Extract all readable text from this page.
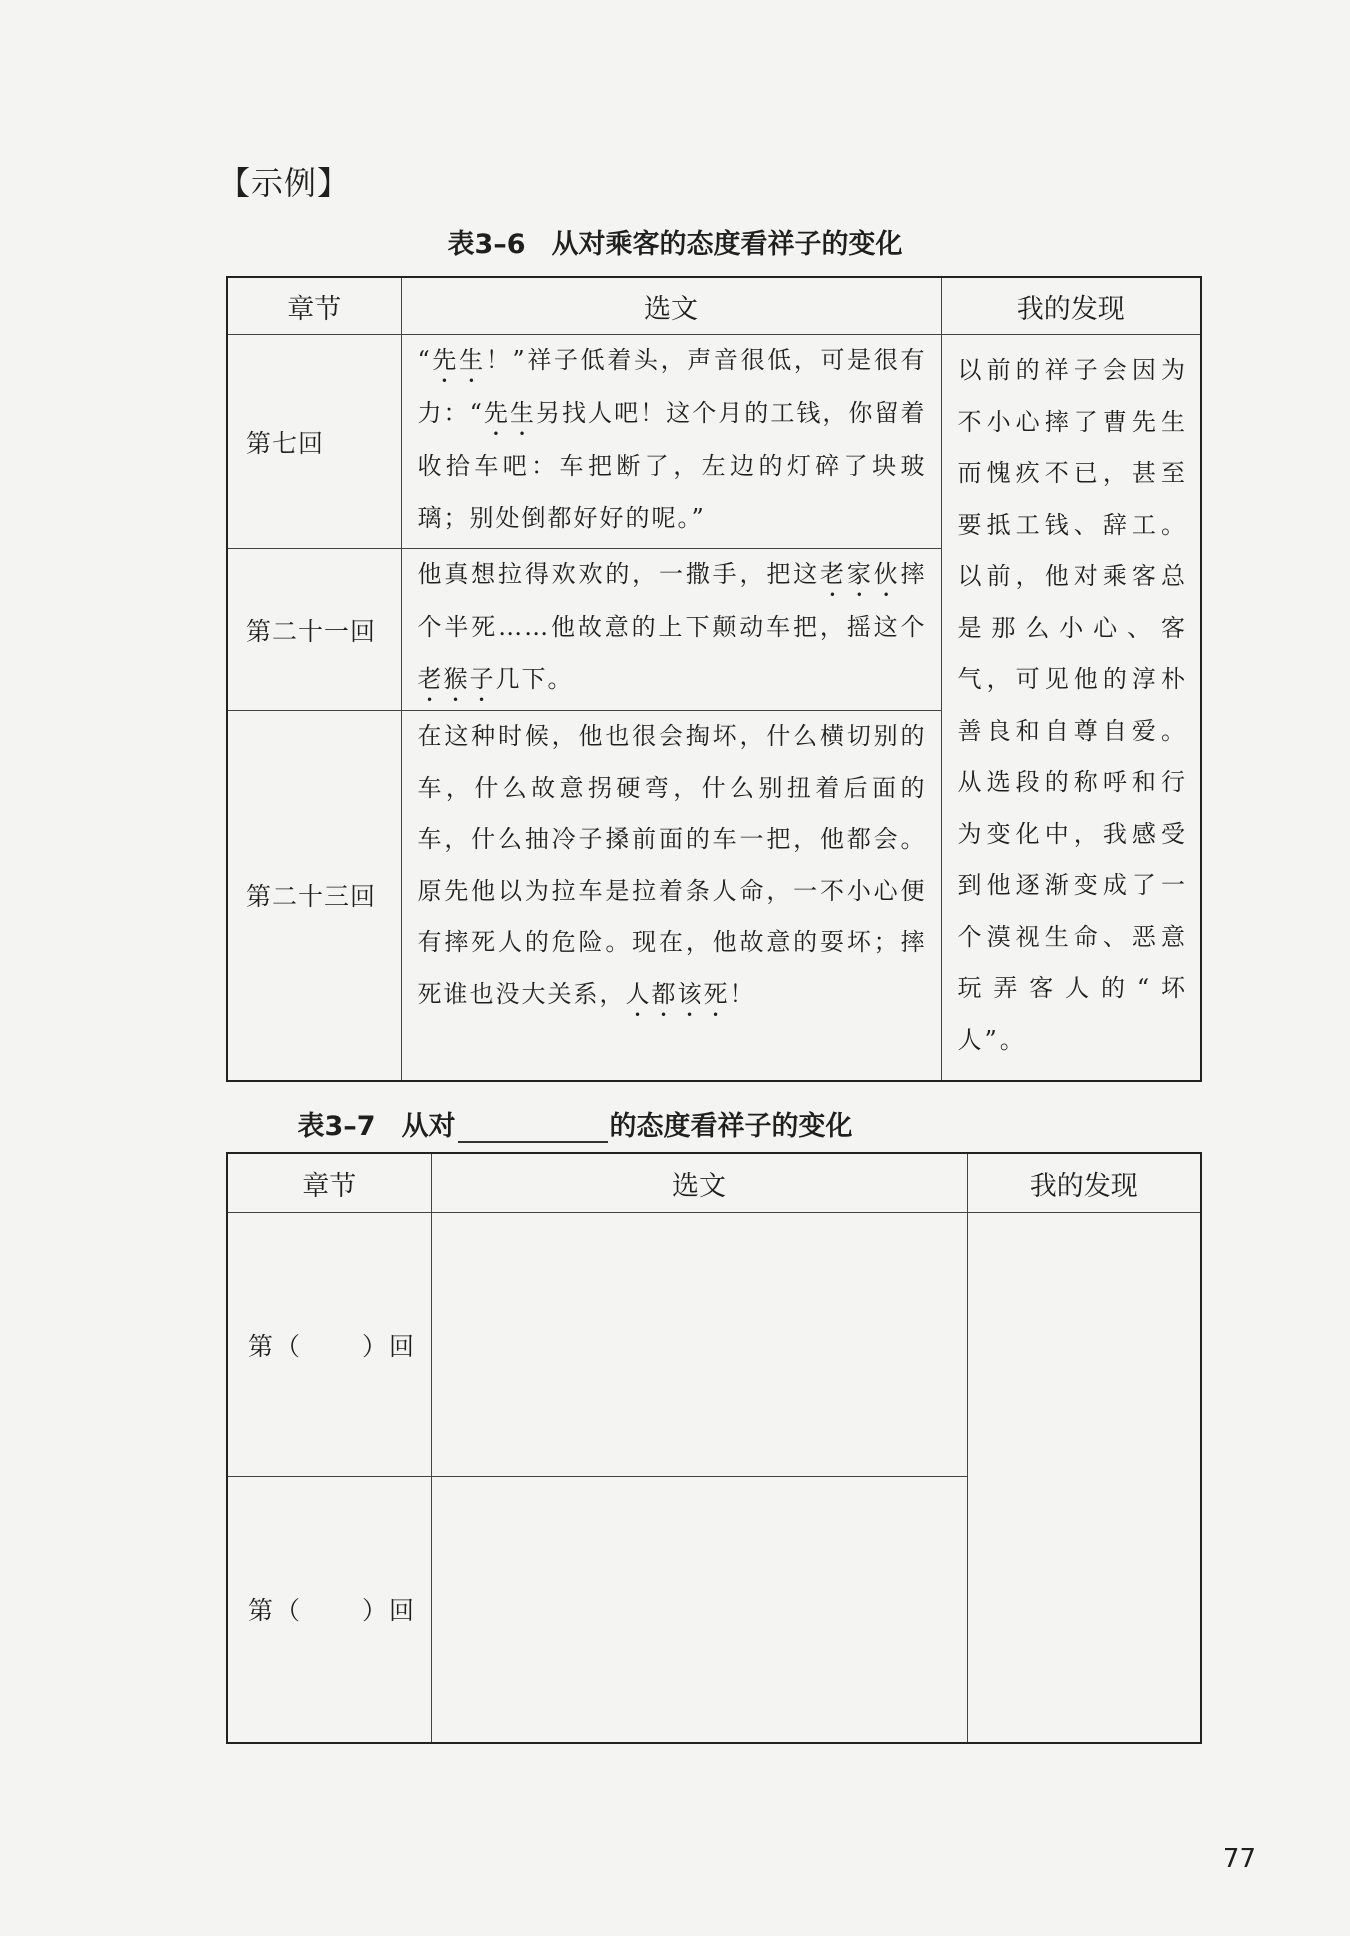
【示例】
表3–6 从对乘客的态度看祥子的变化
章节	选文	我的发现
第七回	“先生！”祥子低着头，声音很低，可是很有力：“先生另找人吧！这个月的工钱，你留着收拾车吧：车把断了，左边的灯碎了块玻璃；别处倒都好好的呢。”	以前的祥子会因为不小心摔了曹先生而愧疚不已，甚至要抵工钱、辞工。以前，他对乘客总是那么小心、客气，可见他的淳朴善良和自尊自爱。从选段的称呼和行为变化中，我感受到他逐渐变成了一个漠视生命、恶意玩弄客人的“坏人”。
第二十一回	他真想拉得欢欢的，一撒手，把这老家伙摔个半死……他故意的上下颠动车把，摇这个老猴子几下。	
第二十三回	在这种时候，他也很会掏坏，什么横切别的车，什么故意拐硬弯，什么别扭着后面的车，什么抽冷子搡前面的车一把，他都会。原先他以为拉车是拉着条人命，一不小心便有摔死人的危险。现在，他故意的耍坏；摔死谁也没大关系，人都该死！	
表3–7 从对	的态度看祥子的变化
章节	选文	我的发现
第（ ）回		
第（ ）回		
77
